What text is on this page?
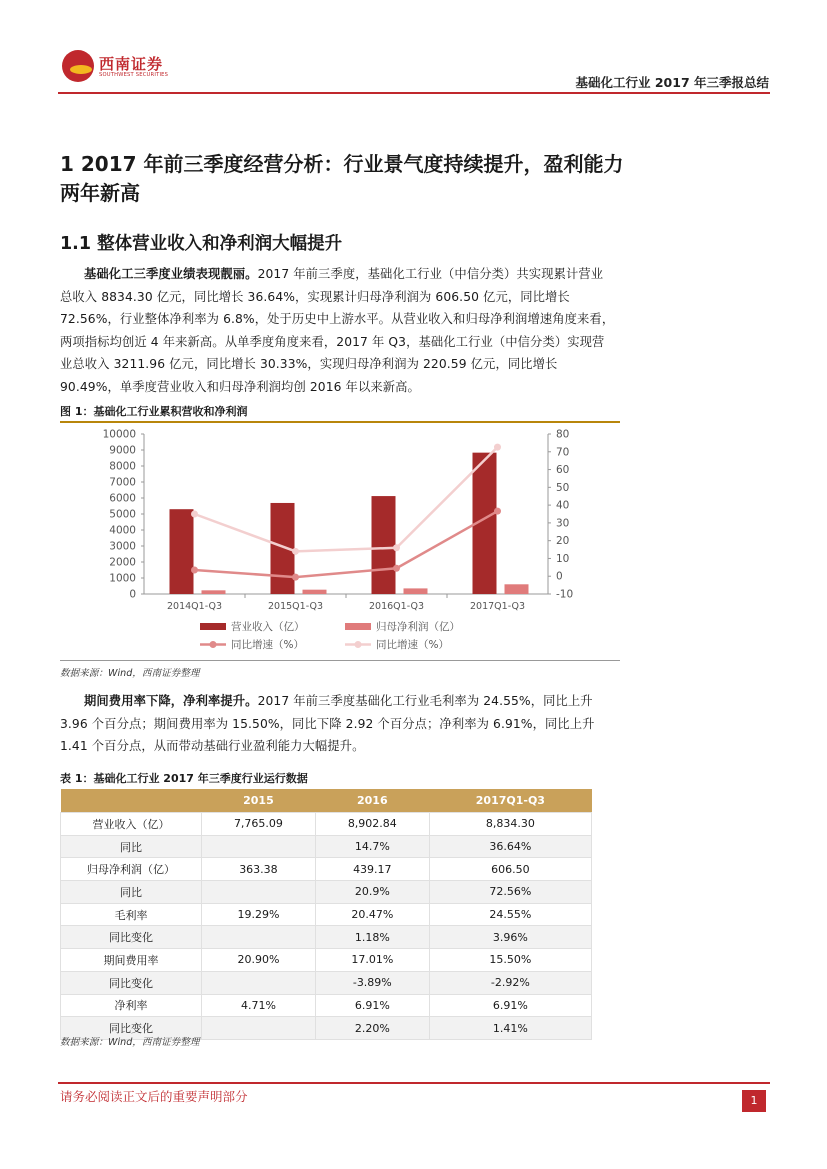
西南证券
SOUTHWEST SECURITIES	基础化工行业 2017 年三季报总结
1 2017 年前三季度经营分析：行业景气度持续提升，盈利能力两年新高
1.1 整体营业收入和净利润大幅提升
基础化工三季度业绩表现靓丽。2017 年前三季度，基础化工行业（中信分类）共实现累计营业总收入 8834.30 亿元，同比增长 36.64%，实现累计归母净利润为 606.50 亿元，同比增长 72.56%，行业整体净利率为 6.8%，处于历史中上游水平。从营业收入和归母净利润增速角度来看，两项指标均创近 4 年来新高。从单季度角度来看，2017 年 Q3，基础化工行业（中信分类）实现营业总收入 3211.96 亿元，同比增长 30.33%，实现归母净利润为 220.59 亿元，同比增长 90.49%，单季度营业收入和归母净利润均创 2016 年以来新高。
图 1：基础化工行业累积营收和净利润
0
1000
2000
3000
4000
5000
6000
7000
8000
9000
10000
-10
0
10
20
30
40
50
60
70
80
2014Q1-Q3	2015Q1-Q3	2016Q1-Q3	2017Q1-Q3
营业收入（亿）	归母净利润（亿）
同比增速（%）	同比增速（%）
数据来源：Wind，西南证券整理
期间费用率下降，净利率提升。2017 年前三季度基础化工行业毛利率为 24.55%，同比上升 3.96 个百分点；期间费用率为 15.50%，同比下降 2.92 个百分点；净利率为 6.91%，同比上升 1.41 个百分点，从而带动基础行业盈利能力大幅提升。
表 1：基础化工行业 2017 年三季度行业运行数据
	2015	2016	2017Q1-Q3
营业收入（亿）	7,765.09	8,902.84	8,834.30
同比		14.7%	36.64%
归母净利润（亿）	363.38	439.17	606.50
同比		20.9%	72.56%
毛利率	19.29%	20.47%	24.55%
同比变化		1.18%	3.96%
期间费用率	20.90%	17.01%	15.50%
同比变化		-3.89%	-2.92%
净利率	4.71%	6.91%	6.91%
同比变化		2.20%	1.41%
数据来源：Wind，西南证券整理
请务必阅读正文后的重要声明部分	1
